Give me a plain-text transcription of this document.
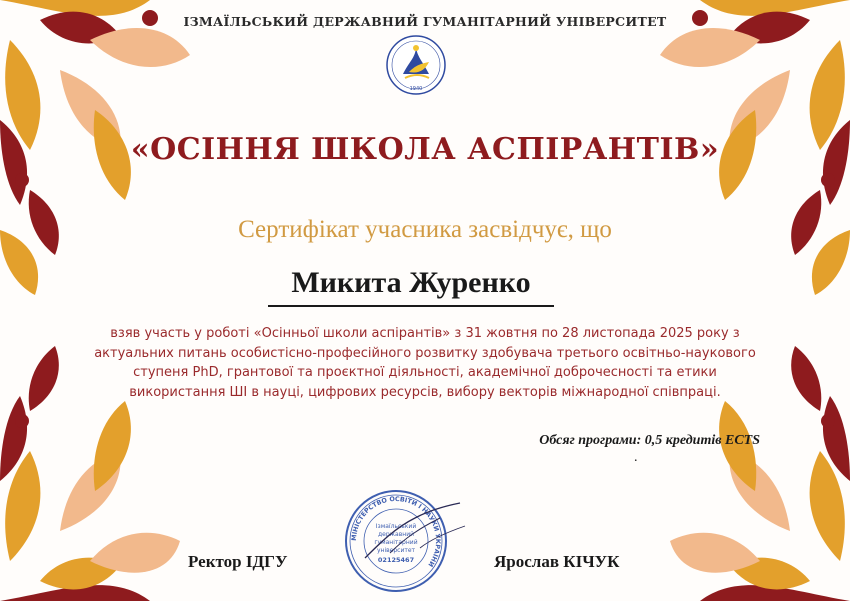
ІЗМАЇЛЬСЬКИЙ ДЕРЖАВНИЙ ГУМАНІТАРНИЙ УНІВЕРСИТЕТ
1940
«ОСІННЯ ШКОЛА АСПІРАНТІВ»
Сертифікат учасника засвідчує, що
Микита Журенко
взяв участь у роботі «Осінньої школи аспірантів» з 31 жовтня по 28 листопада 2025 року з актуальних питань особистісно-професійного розвитку здобувача третього освітньо-наукового ступеня PhD, грантової та проєктної діяльності, академічної доброчесності та етики використання ШІ в науці, цифрових ресурсів, вибору векторів міжнародної співпраці.
Обсяг програми: 0,5 кредитів ECTS
.
Ректор ІДГУ
МІНІСТЕРСТВО ОСВІТИ І НАУКИ УКРАЇНИ
Ізмаїльський
державний
гуманітарний
університет
02125467	Ярослав КІЧУК
